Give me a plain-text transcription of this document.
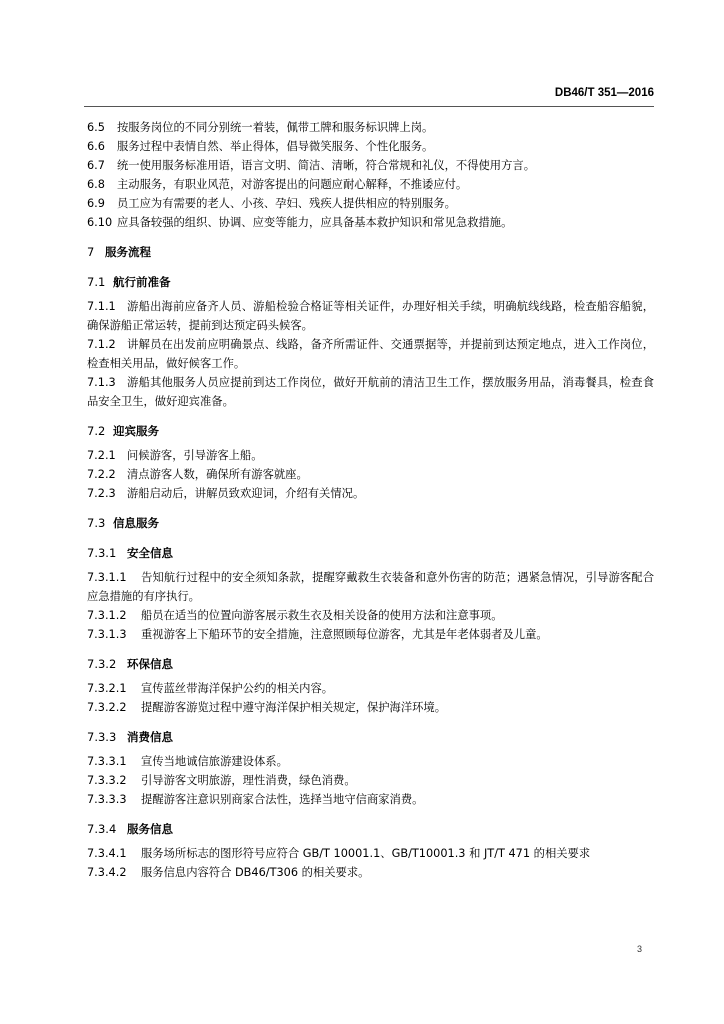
DB46/T 351—2016

6.5 按服务岗位的不同分别统一着装，佩带工牌和服务标识牌上岗。

6.6 服务过程中表情自然、举止得体，倡导微笑服务、个性化服务。

6.7 统一使用服务标准用语，语言文明、简洁、清晰，符合常规和礼仪，不得使用方言。

6.8 主动服务，有职业风范，对游客提出的问题应耐心解释，不推诿应付。

6.9 员工应为有需要的老人、小孩、孕妇、残疾人提供相应的特别服务。

6.10 应具备较强的组织、协调、应变等能力，应具备基本救护知识和常见急救措施。

7 服务流程

7.1 航行前准备

7.1.1 游船出海前应备齐人员、游船检验合格证等相关证件，办理好相关手续，明确航线线路，检查船容船貌，确保游船正常运转，提前到达预定码头候客。

7.1.2 讲解员在出发前应明确景点、线路，备齐所需证件、交通票据等，并提前到达预定地点，进入工作岗位，检查相关用品，做好候客工作。

7.1.3 游船其他服务人员应提前到达工作岗位，做好开航前的清洁卫生工作，摆放服务用品，消毒餐具，检查食品安全卫生，做好迎宾准备。

7.2 迎宾服务

7.2.1 问候游客，引导游客上船。

7.2.2 清点游客人数，确保所有游客就座。

7.2.3 游船启动后，讲解员致欢迎词，介绍有关情况。

7.3 信息服务

7.3.1 安全信息

7.3.1.1 告知航行过程中的安全须知条款，提醒穿戴救生衣装备和意外伤害的防范；遇紧急情况，引导游客配合应急措施的有序执行。

7.3.1.2 船员在适当的位置向游客展示救生衣及相关设备的使用方法和注意事项。

7.3.1.3 重视游客上下船环节的安全措施，注意照顾每位游客，尤其是年老体弱者及儿童。

7.3.2 环保信息

7.3.2.1 宣传蓝丝带海洋保护公约的相关内容。

7.3.2.2 提醒游客游览过程中遵守海洋保护相关规定，保护海洋环境。

7.3.3 消费信息

7.3.3.1 宣传当地诚信旅游建设体系。

7.3.3.2 引导游客文明旅游，理性消费，绿色消费。

7.3.3.3 提醒游客注意识别商家合法性，选择当地守信商家消费。

7.3.4 服务信息

7.3.4.1 服务场所标志的图形符号应符合 GB/T 10001.1、GB/T10001.3 和 JT/T 471 的相关要求

7.3.4.2 服务信息内容符合 DB46/T306 的相关要求。

3
